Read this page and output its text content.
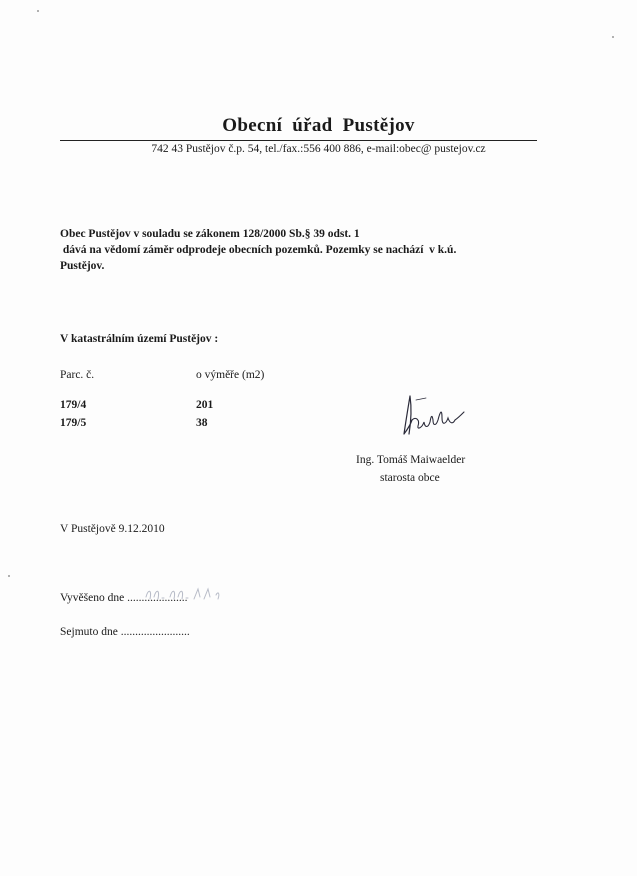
Obecní  úřad  Pustějov
742 43 Pustějov č.p. 54, tel./fax.:556 400 886, e-mail:obec@ pustejov.cz
Obec Pustějov v souladu se zákonem 128/2000 Sb.§ 39 odst. 1
dává na vědomí záměr odprodeje obecních pozemků. Pozemky se nachází  v k.ú.
Pustějov.
V katastrálním území Pustějov :
Parc. č.	o výměře (m2)
179/4	201
179/5	38
Ing. Tomáš Maiwaelder
starosta obce
V Pustějově 9.12.2010
Vyvěšeno dne .....................
Sejmuto dne ........................
